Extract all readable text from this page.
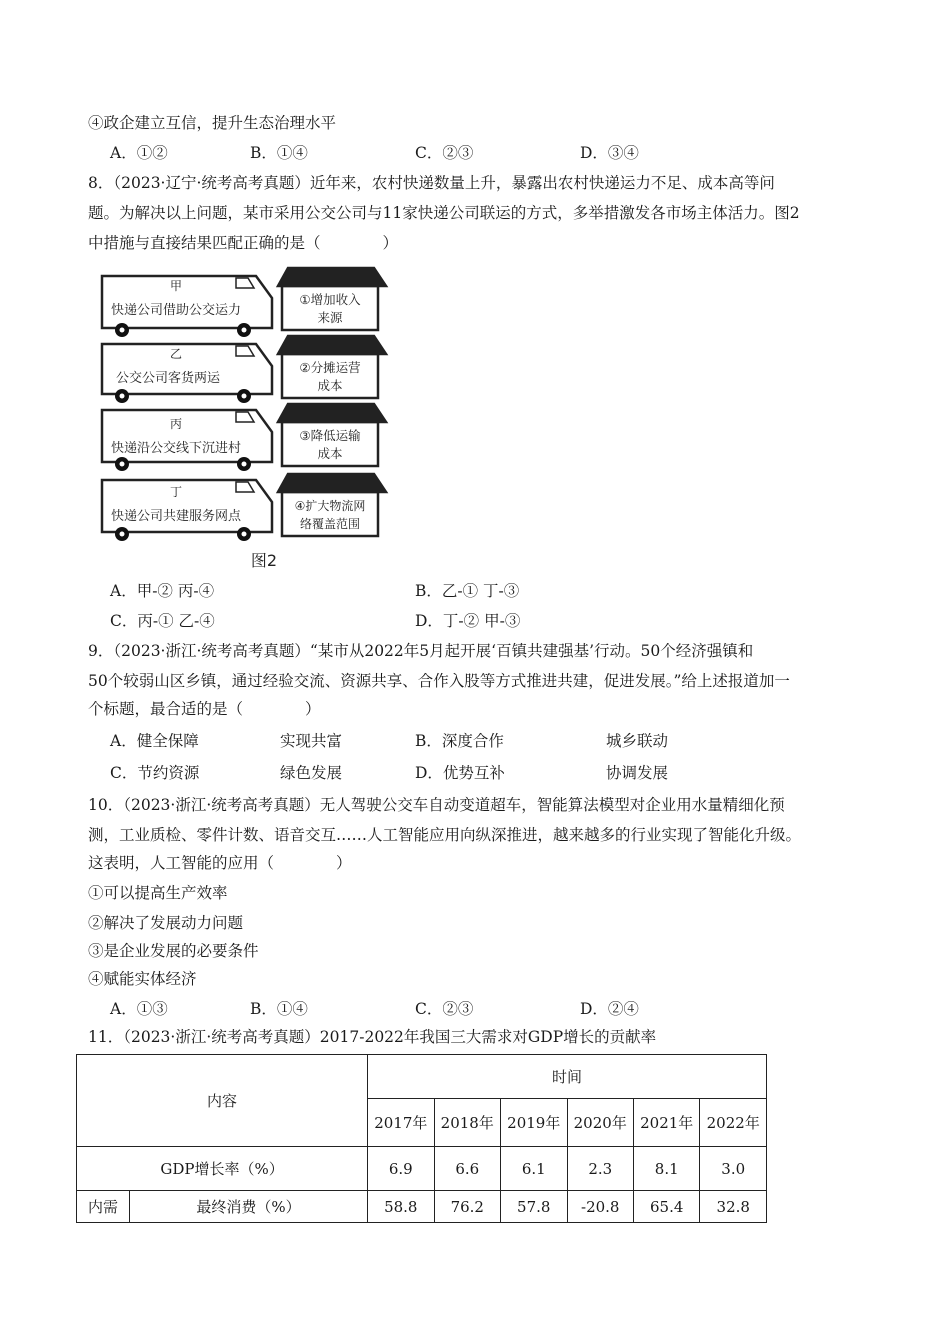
④政企建立互信，提升生态治理水平
A．①②	B．①④	C．②③	D．③④
8．（2023·辽宁·统考高考真题）近年来，农村快递数量上升，暴露出农村快递运力不足、成本高等问
题。为解决以上问题，某市采用公交公司与11家快递公司联运的方式，多举措激发各市场主体活力。图2
中措施与直接结果匹配正确的是（　　　　）
甲
快递公司借助公交运力
乙
公交公司客货两运
丙
快递沿公交线下沉进村
丁
快递公司共建服务网点
①增加收入
来源
②分摊运营
成本
③降低运输
成本
④扩大物流网
络覆盖范围
图2
A．甲-② 丙-④	B．乙-① 丁-③
C．丙-① 乙-④	D．丁-② 甲-③
9．（2023·浙江·统考高考真题）“某市从2022年5月起开展‘百镇共建强基’行动。50个经济强镇和
50个较弱山区乡镇，通过经验交流、资源共享、合作入股等方式推进共建，促进发展。”给上述报道加一
个标题，最合适的是（　　　　）
A．健全保障	实现共富	B．深度合作	城乡联动
C．节约资源	绿色发展	D．优势互补	协调发展
10．（2023·浙江·统考高考真题）无人驾驶公交车自动变道超车，智能算法模型对企业用水量精细化预
测，工业质检、零件计数、语音交互……人工智能应用向纵深推进，越来越多的行业实现了智能化升级。
这表明，人工智能的应用（　　　　）
①可以提高生产效率
②解决了发展动力问题
③是企业发展的必要条件
④赋能实体经济
A．①③	B．①④	C．②③	D．②④
11．（2023·浙江·统考高考真题）2017-2022年我国三大需求对GDP增长的贡献率
内容		时间					
		2017年	2018年	2019年	2020年	2021年	2022年
GDP增长率（%）		6.9	6.6	6.1	2.3	8.1	3.0
内需	最终消费（%）	58.8	76.2	57.8	-20.8	65.4	32.8
